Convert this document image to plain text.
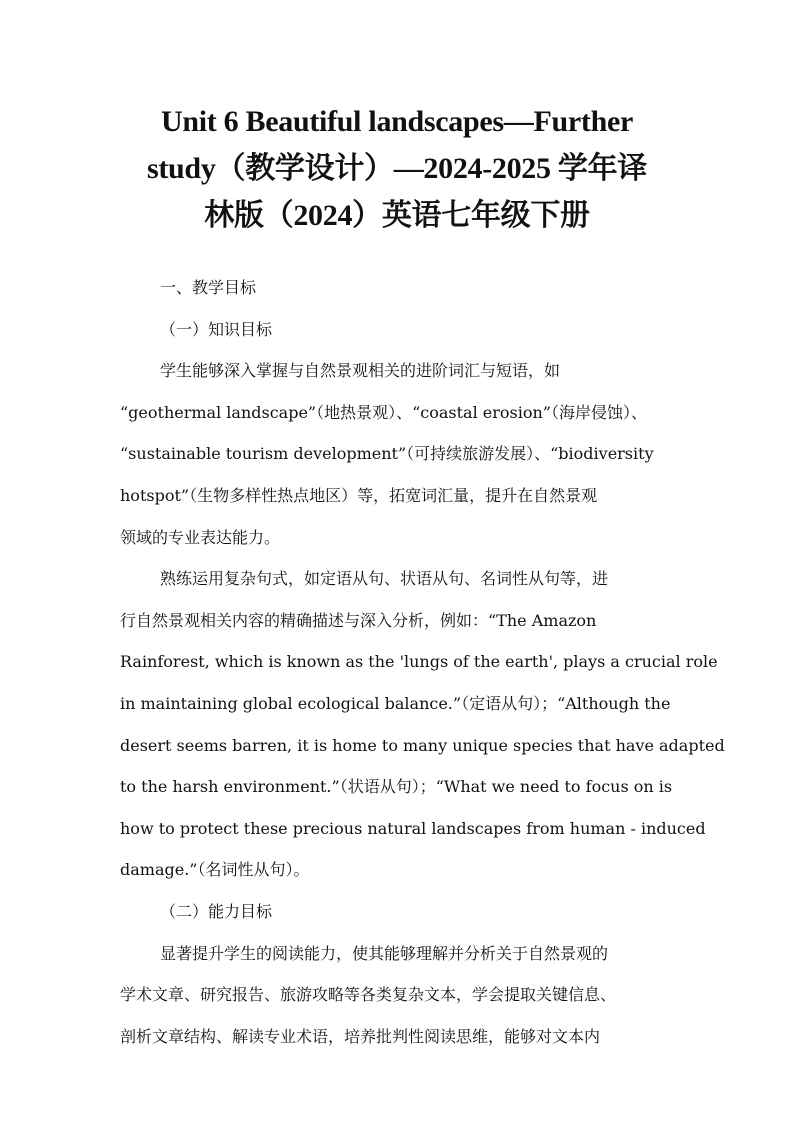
Unit 6 Beautiful landscapes—Further
study（教学设计）—2024-2025 学年译
林版（2024）英语七年级下册

一、教学目标

（一）知识目标

学生能够深入掌握与自然景观相关的进阶词汇与短语，如
“geothermal landscape”（地热景观）、“coastal erosion”（海岸侵蚀）、
“sustainable tourism development”（可持续旅游发展）、“biodiversity
hotspot”（生物多样性热点地区）等，拓宽词汇量，提升在自然景观
领域的专业表达能力。
熟练运用复杂句式，如定语从句、状语从句、名词性从句等，进
行自然景观相关内容的精确描述与深入分析，例如：“The Amazon
Rainforest, which is known as the 'lungs of the earth', plays a crucial role
in maintaining global ecological balance.”（定语从句）；“Although the
desert seems barren, it is home to many unique species that have adapted
to the harsh environment.”（状语从句）；“What we need to focus on is
how to protect these precious natural landscapes from human - induced
damage.”（名词性从句）。

（二）能力目标

显著提升学生的阅读能力，使其能够理解并分析关于自然景观的
学术文章、研究报告、旅游攻略等各类复杂文本，学会提取关键信息、
剖析文章结构、解读专业术语，培养批判性阅读思维，能够对文本内
